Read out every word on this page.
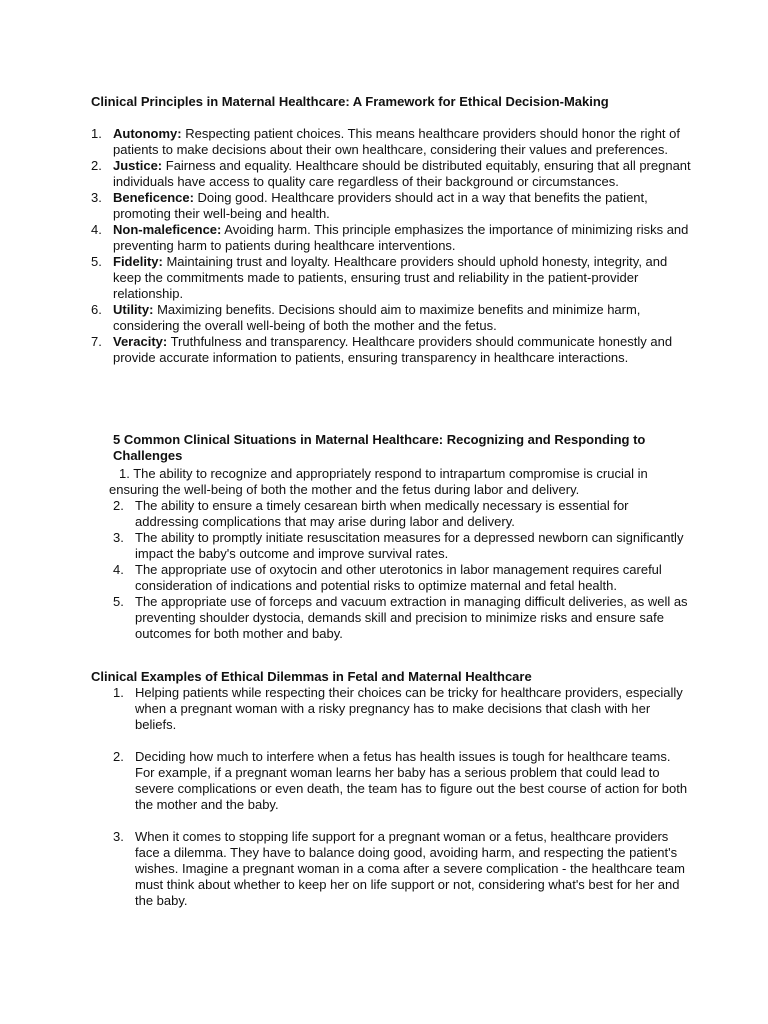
Clinical Principles in Maternal Healthcare: A Framework for Ethical Decision-Making
1. Autonomy: Respecting patient choices. This means healthcare providers should honor the right of patients to make decisions about their own healthcare, considering their values and preferences.
2. Justice: Fairness and equality. Healthcare should be distributed equitably, ensuring that all pregnant individuals have access to quality care regardless of their background or circumstances.
3. Beneficence: Doing good. Healthcare providers should act in a way that benefits the patient, promoting their well-being and health.
4. Non-maleficence: Avoiding harm. This principle emphasizes the importance of minimizing risks and preventing harm to patients during healthcare interventions.
5. Fidelity: Maintaining trust and loyalty. Healthcare providers should uphold honesty, integrity, and keep the commitments made to patients, ensuring trust and reliability in the patient-provider relationship.
6. Utility: Maximizing benefits. Decisions should aim to maximize benefits and minimize harm, considering the overall well-being of both the mother and the fetus.
7. Veracity: Truthfulness and transparency. Healthcare providers should communicate honestly and provide accurate information to patients, ensuring transparency in healthcare interactions.
5 Common Clinical Situations in Maternal Healthcare: Recognizing and Responding to Challenges
1. The ability to recognize and appropriately respond to intrapartum compromise is crucial in ensuring the well-being of both the mother and the fetus during labor and delivery.
2. The ability to ensure a timely cesarean birth when medically necessary is essential for addressing complications that may arise during labor and delivery.
3. The ability to promptly initiate resuscitation measures for a depressed newborn can significantly impact the baby's outcome and improve survival rates.
4. The appropriate use of oxytocin and other uterotonics in labor management requires careful consideration of indications and potential risks to optimize maternal and fetal health.
5. The appropriate use of forceps and vacuum extraction in managing difficult deliveries, as well as preventing shoulder dystocia, demands skill and precision to minimize risks and ensure safe outcomes for both mother and baby.
Clinical Examples of Ethical Dilemmas in Fetal and Maternal Healthcare
1. Helping patients while respecting their choices can be tricky for healthcare providers, especially when a pregnant woman with a risky pregnancy has to make decisions that clash with her beliefs.
2. Deciding how much to interfere when a fetus has health issues is tough for healthcare teams. For example, if a pregnant woman learns her baby has a serious problem that could lead to severe complications or even death, the team has to figure out the best course of action for both the mother and the baby.
3. When it comes to stopping life support for a pregnant woman or a fetus, healthcare providers face a dilemma. They have to balance doing good, avoiding harm, and respecting the patient's wishes. Imagine a pregnant woman in a coma after a severe complication - the healthcare team must think about whether to keep her on life support or not, considering what's best for her and the baby.
